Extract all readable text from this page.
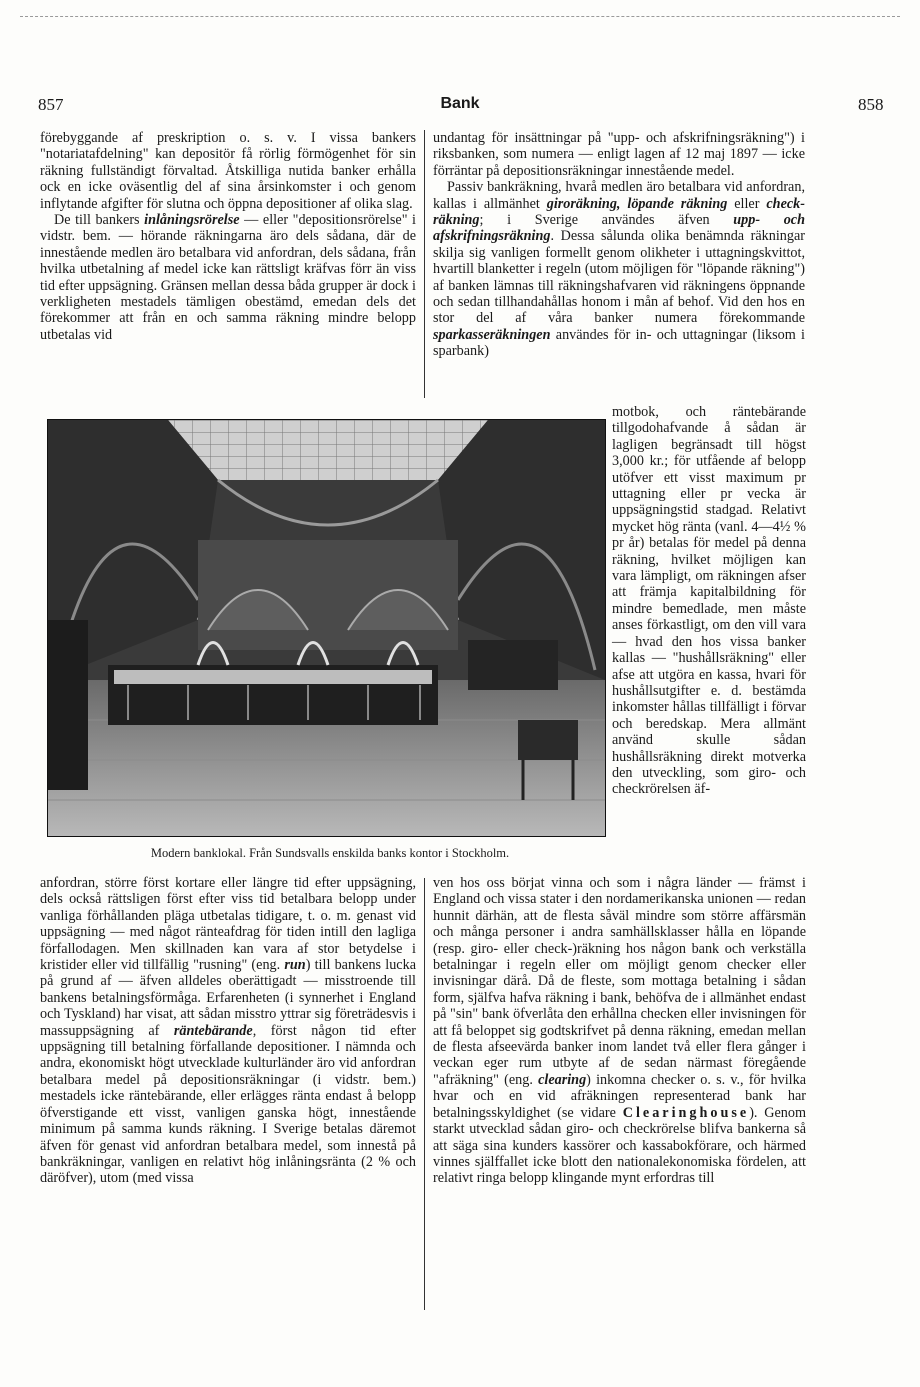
857	Bank	858

förebyggande af preskription o. s. v. I vissa bankers "notariatafdelning" kan depositör få rörlig förmögenhet för sin räkning fullständigt förvaltad. Åtskilliga nutida banker erhålla ock en icke oväsentlig del af sina årsinkomster i och genom inflytande afgifter för slutna och öppna depositioner af olika slag.

De till bankers inlåningsrörelse — eller "depositionsrörelse" i vidstr. bem. — hörande räkningarna äro dels sådana, där de innestående medlen äro betalbara vid anfordran, dels sådana, från hvilka utbetalning af medel icke kan rättsligt kräfvas förr än viss tid efter uppsägning. Gränsen mellan dessa båda grupper är dock i verkligheten mestadels tämligen obestämd, emedan dels det förekommer att från en och samma räkning mindre belopp utbetalas vid

undantag för insättningar på "upp- och afskrifningsräkning") i riksbanken, som numera — enligt lagen af 12 maj 1897 — icke förräntar på depositionsräkningar innestående medel.

Passiv bankräkning, hvarå medlen äro betalbara vid anfordran, kallas i allmänhet giroräkning, löpande räkning eller check-räkning; i Sverige användes äfven upp- och afskrifningsräkning. Dessa sålunda olika benämnda räkningar skilja sig vanligen formellt genom olikheter i uttagningskvittot, hvartill blanketter i regeln (utom möjligen för "löpande räkning") af banken lämnas till räkningshafvaren vid räkningens öppnande och sedan tillhandahållas honom i mån af behof. Vid den hos en stor del af våra banker numera förekommande sparkasseräkningen användes för in- och uttagningar (liksom i sparbank)

Modern banklokal. Från Sundsvalls enskilda banks kontor i Stockholm.
motbok, och räntebärande tillgodohafvande å sådan är lagligen begränsadt till högst 3,000 kr.; för utfående af belopp utöfver ett visst maximum pr uttagning eller pr vecka är uppsägningstid stadgad. Relativt mycket hög ränta (vanl. 4—4½ % pr år) betalas för medel på denna räkning, hvilket möjligen kan vara lämpligt, om räkningen afser att främja kapitalbildning för mindre bemedlade, men måste anses förkastligt, om den vill vara — hvad den hos vissa banker kallas — "hushållsräkning" eller afse att utgöra en kassa, hvari för hushållsutgifter e. d. bestämda inkomster hållas tillfälligt i förvar och beredskap. Mera allmänt använd skulle sådan hushållsräkning direkt motverka den utveckling, som giro- och checkrörelsen äf-

anfordran, större först kortare eller längre tid efter uppsägning, dels också rättsligen först efter viss tid betalbara belopp under vanliga förhållanden pläga utbetalas tidigare, t. o. m. genast vid uppsägning — med något ränteafdrag för tiden intill den lagliga förfallodagen. Men skillnaden kan vara af stor betydelse i kristider eller vid tillfällig "rusning" (eng. run) till bankens lucka på grund af — äfven alldeles oberättigadt — misstroende till bankens betalningsförmåga. Erfarenheten (i synnerhet i England och Tyskland) har visat, att sådan misstro yttrar sig företrädesvis i massuppsägning af räntebärande, först någon tid efter uppsägning till betalning förfallande depositioner. I nämnda och andra, ekonomiskt högt utvecklade kulturländer äro vid anfordran betalbara medel på depositionsräkningar (i vidstr. bem.) mestadels icke räntebärande, eller erlägges ränta endast å belopp öfverstigande ett visst, vanligen ganska högt, innestående minimum på samma kunds räkning. I Sverige betalas däremot äfven för genast vid anfordran betalbara medel, som innestå på bankräkningar, vanligen en relativt hög inlåningsränta (2 % och däröfver), utom (med vissa

ven hos oss börjat vinna och som i några länder — främst i England och vissa stater i den nordamerikanska unionen — redan hunnit därhän, att de flesta såväl mindre som större affärsmän och många personer i andra samhällsklasser hålla en löpande (resp. giro- eller check-)räkning hos någon bank och verkställa betalningar i regeln eller om möjligt genom checker eller invisningar därå. Då de fleste, som mottaga betalning i sådan form, själfva hafva räkning i bank, behöfva de i allmänhet endast på "sin" bank öfverlåta den erhållna checken eller invisningen för att få beloppet sig godtskrifvet på denna räkning, emedan mellan de flesta afseevärda banker inom landet två eller flera gånger i veckan eger rum utbyte af de sedan närmast föregående "afräkning" (eng. clearing) inkomna checker o. s. v., för hvilka hvar och en vid afräkningen representerad bank har betalningsskyldighet (se vidare Clearinghouse). Genom starkt utvecklad sådan giro- och checkrörelse blifva bankerna så att säga sina kunders kassörer och kassabokförare, och härmed vinnes själffallet icke blott den nationalekonomiska fördelen, att relativt ringa belopp klingande mynt erfordras till
